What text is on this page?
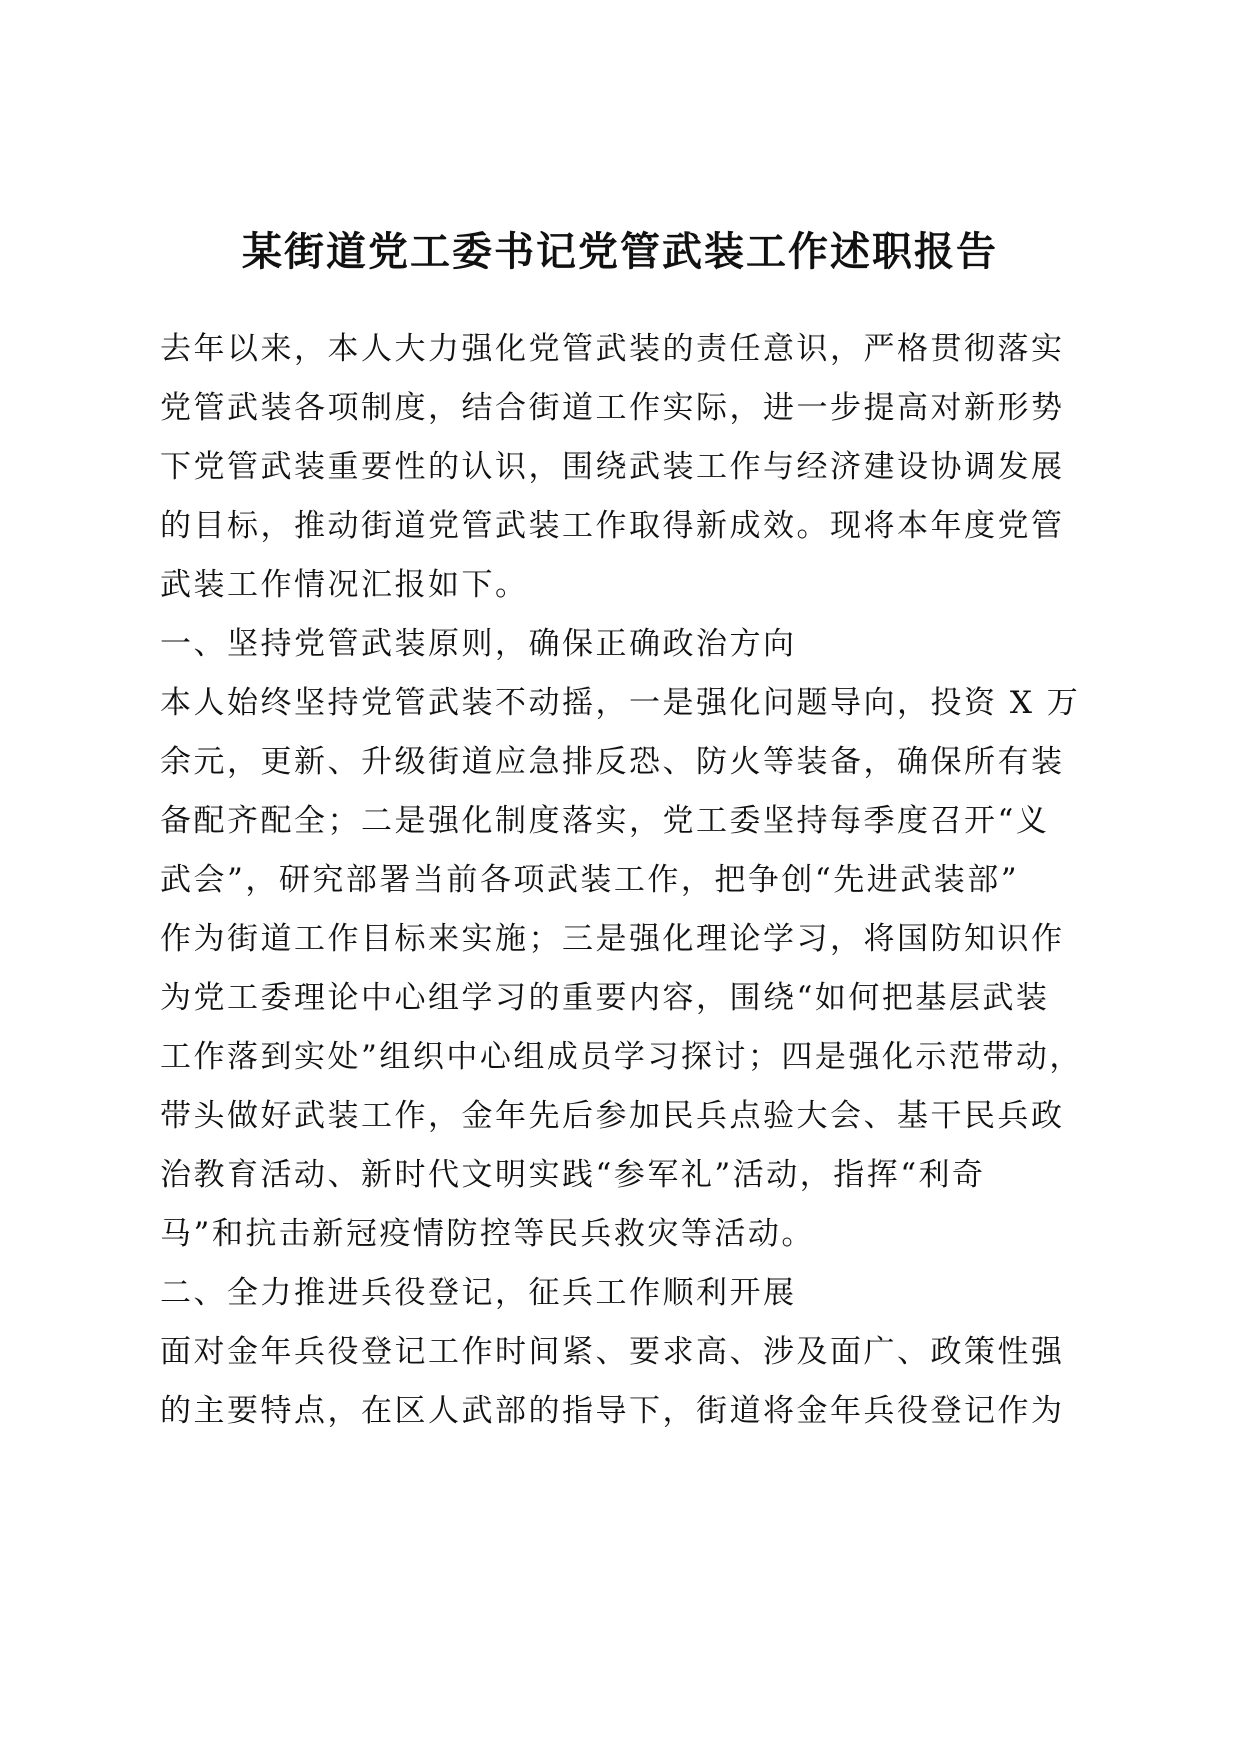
某街道党工委书记党管武装工作述职报告
去年以来，本人大力强化党管武装的责任意识，严格贯彻落实
党管武装各项制度，结合街道工作实际，进一步提高对新形势
下党管武装重要性的认识，围绕武装工作与经济建设协调发展
的目标，推动街道党管武装工作取得新成效。现将本年度党管
武装工作情况汇报如下。
一、坚持党管武装原则，确保正确政治方向
本人始终坚持党管武装不动摇，一是强化问题导向，投资 X 万
余元，更新、升级街道应急排反恐、防火等装备，确保所有装
备配齐配全；二是强化制度落实，党工委坚持每季度召开“义
武会”，研究部署当前各项武装工作，把争创“先进武装部”
作为街道工作目标来实施；三是强化理论学习，将国防知识作
为党工委理论中心组学习的重要内容，围绕“如何把基层武装
工作落到实处”组织中心组成员学习探讨；四是强化示范带动，
带头做好武装工作，金年先后参加民兵点验大会、基干民兵政
治教育活动、新时代文明实践“参军礼”活动，指挥“利奇
马”和抗击新冠疫情防控等民兵救灾等活动。
二、全力推进兵役登记，征兵工作顺利开展
面对金年兵役登记工作时间紧、要求高、涉及面广、政策性强
的主要特点，在区人武部的指导下，街道将金年兵役登记作为
